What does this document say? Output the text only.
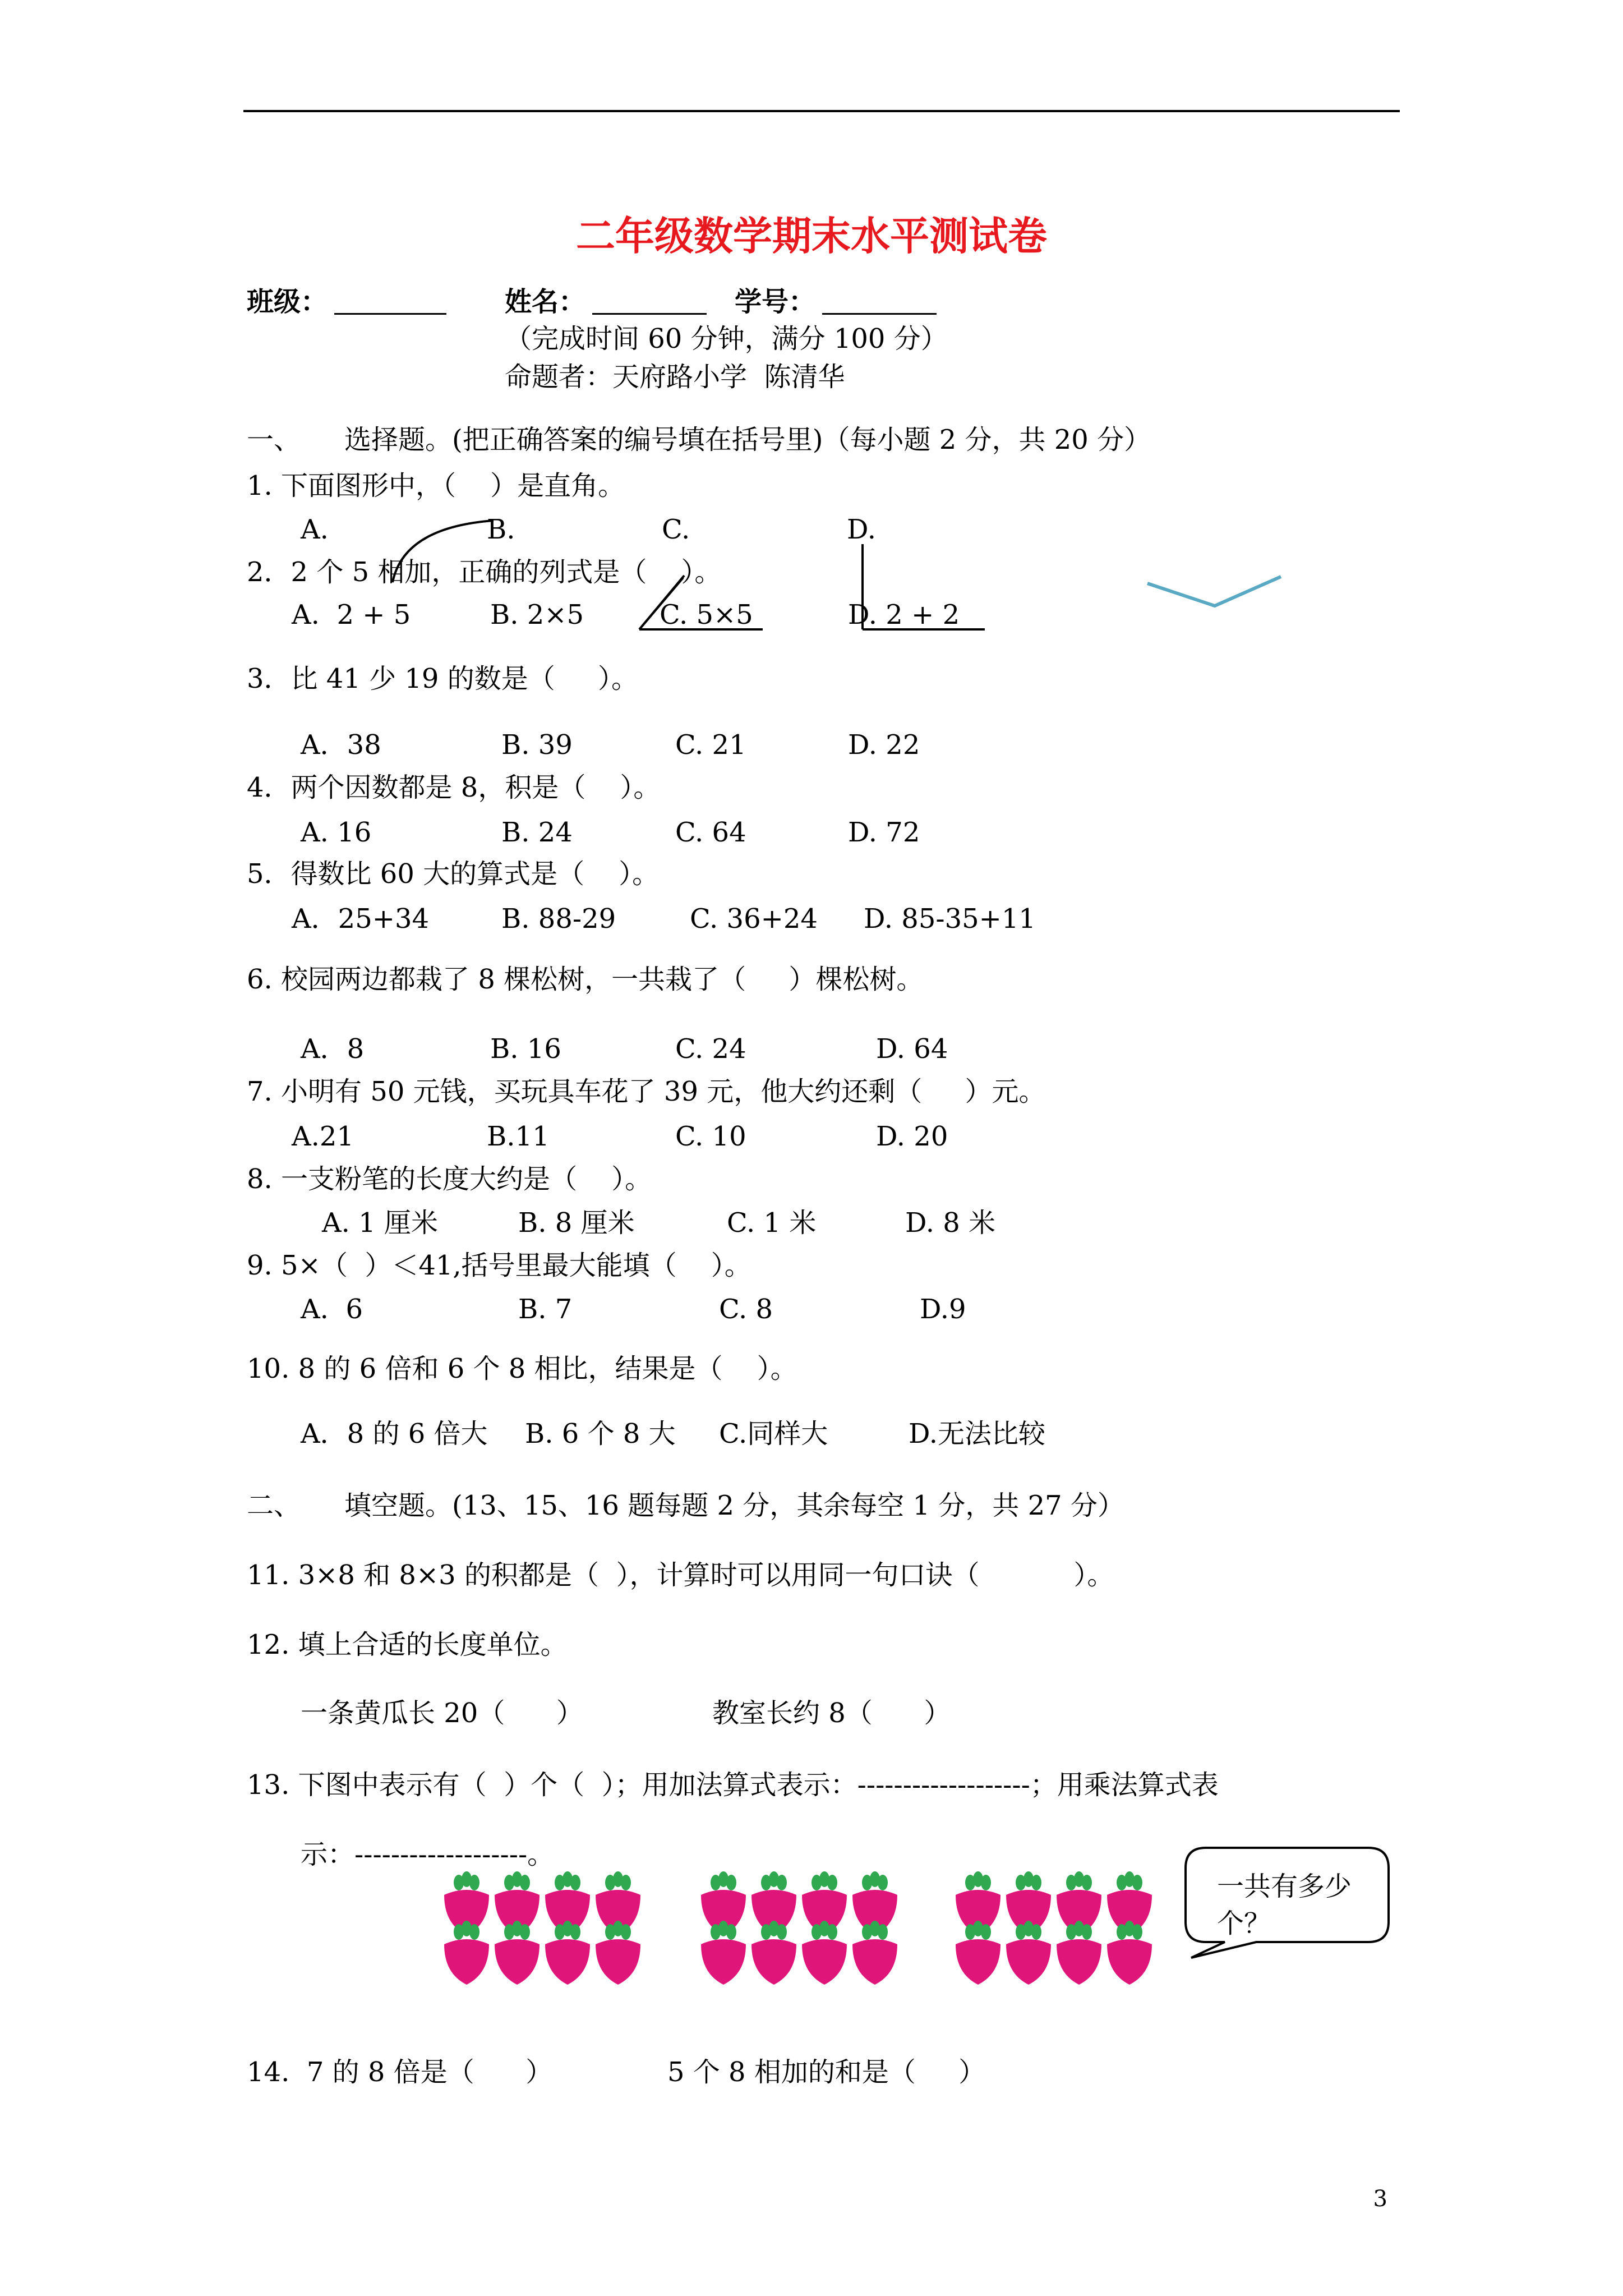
二年级数学期末水平测试卷
班级：	姓名：	学号：
（完成时间 60 分钟，满分 100 分）
命题者：天府路小学  陈清华
一、 选择题。(把正确答案的编号填在括号里)（每小题 2 分，共 20 分）
1. 下面图形中，（    ）是直角。
A.	B.	C.	D.
2．2 个 5 相加，正确的列式是（    ）。
A.  2 + 5	B. 2×5	C. 5×5	D. 2 + 2
3．比 41 少 19 的数是（     ）。
A．38	B. 39	C. 21	D. 22
4．两个因数都是 8，积是（    ）。
A. 16	B. 24	C. 64	D. 72
5．得数比 60 大的算式是（    ）。
A．25+34	B. 88-29	C. 36+24 D. 85-35+11
6. 校园两边都栽了 8 棵松树，一共栽了（     ）棵松树。
A．8	B. 16	C. 24	D. 64
7. 小明有 50 元钱，买玩具车花了 39 元，他大约还剩（     ）元。
A.21	B.11	C. 10	D. 20
8. 一支粉笔的长度大约是（    ）。
A. 1 厘米	B. 8 厘米	C. 1 米	D. 8 米
9. 5×（  ）＜41,括号里最大能填（    ）。
A.  6	B. 7	C. 8	D.9
10. 8 的 6 倍和 6 个 8 相比，结果是（    ）。
A．8 的 6 倍大 B. 6 个 8 大 C.同样大	D.无法比较
二、 填空题。(13、15、16 题每题 2 分，其余每空 1 分，共 27 分）
11. 3×8 和 8×3 的积都是（  ），计算时可以用同一句口诀（           ）。
12. 填上合适的长度单位。
一条黄瓜长 20（      ）	教室长约 8（      ）
13. 下图中表示有（  ）个（  ）；用加法算式表示：-------------------；用乘法算式表
示：-------------------。
一共有多少个？
14.  7 的 8 倍是（      ）	5 个 8 相加的和是（     ）
3
